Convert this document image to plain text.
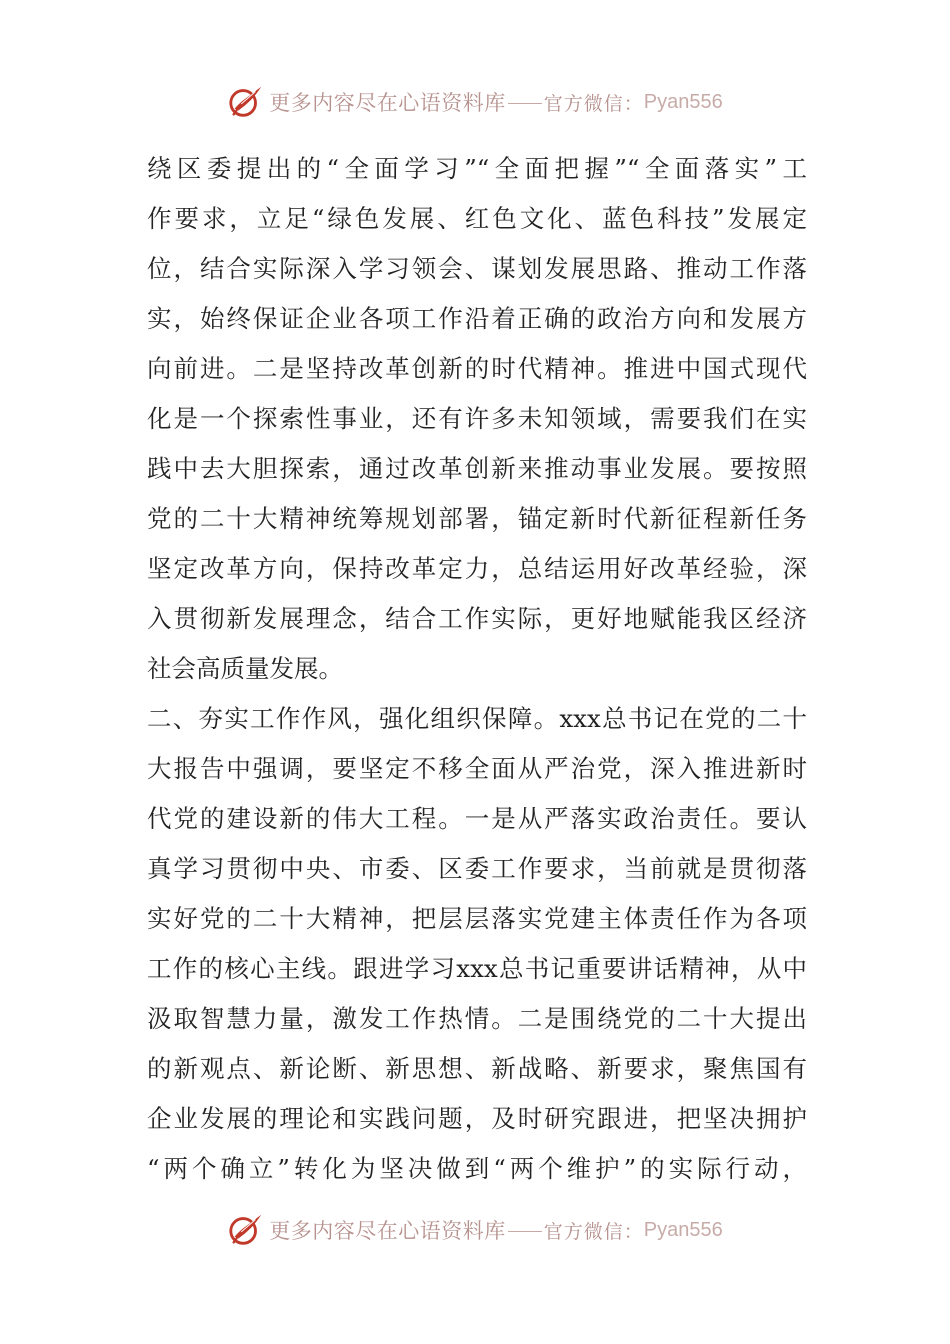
更多内容尽在心语资料库 官方微信： Pyan556
绕区委提出的“全面学习”“全面把握”“全面落实”工
作要求，立足“绿色发展、红色文化、蓝色科技”发展定
位，结合实际深入学习领会、谋划发展思路、推动工作落
实，始终保证企业各项工作沿着正确的政治方向和发展方
向前进。二是坚持改革创新的时代精神。推进中国式现代
化是一个探索性事业，还有许多未知领域，需要我们在实
践中去大胆探索，通过改革创新来推动事业发展。要按照
党的二十大精神统筹规划部署，锚定新时代新征程新任务
坚定改革方向，保持改革定力，总结运用好改革经验，深
入贯彻新发展理念，结合工作实际，更好地赋能我区经济
社会高质量发展。
二、夯实工作作风，强化组织保障。xxx总书记在党的二十
大报告中强调，要坚定不移全面从严治党，深入推进新时
代党的建设新的伟大工程。一是从严落实政治责任。要认
真学习贯彻中央、市委、区委工作要求，当前就是贯彻落
实好党的二十大精神，把层层落实党建主体责任作为各项
工作的核心主线。跟进学习xxx总书记重要讲话精神，从中
汲取智慧力量，激发工作热情。二是围绕党的二十大提出
的新观点、新论断、新思想、新战略、新要求，聚焦国有
企业发展的理论和实践问题，及时研究跟进，把坚决拥护
“两个确立”转化为坚决做到“两个维护”的实际行动，
更多内容尽在心语资料库 官方微信： Pyan556
